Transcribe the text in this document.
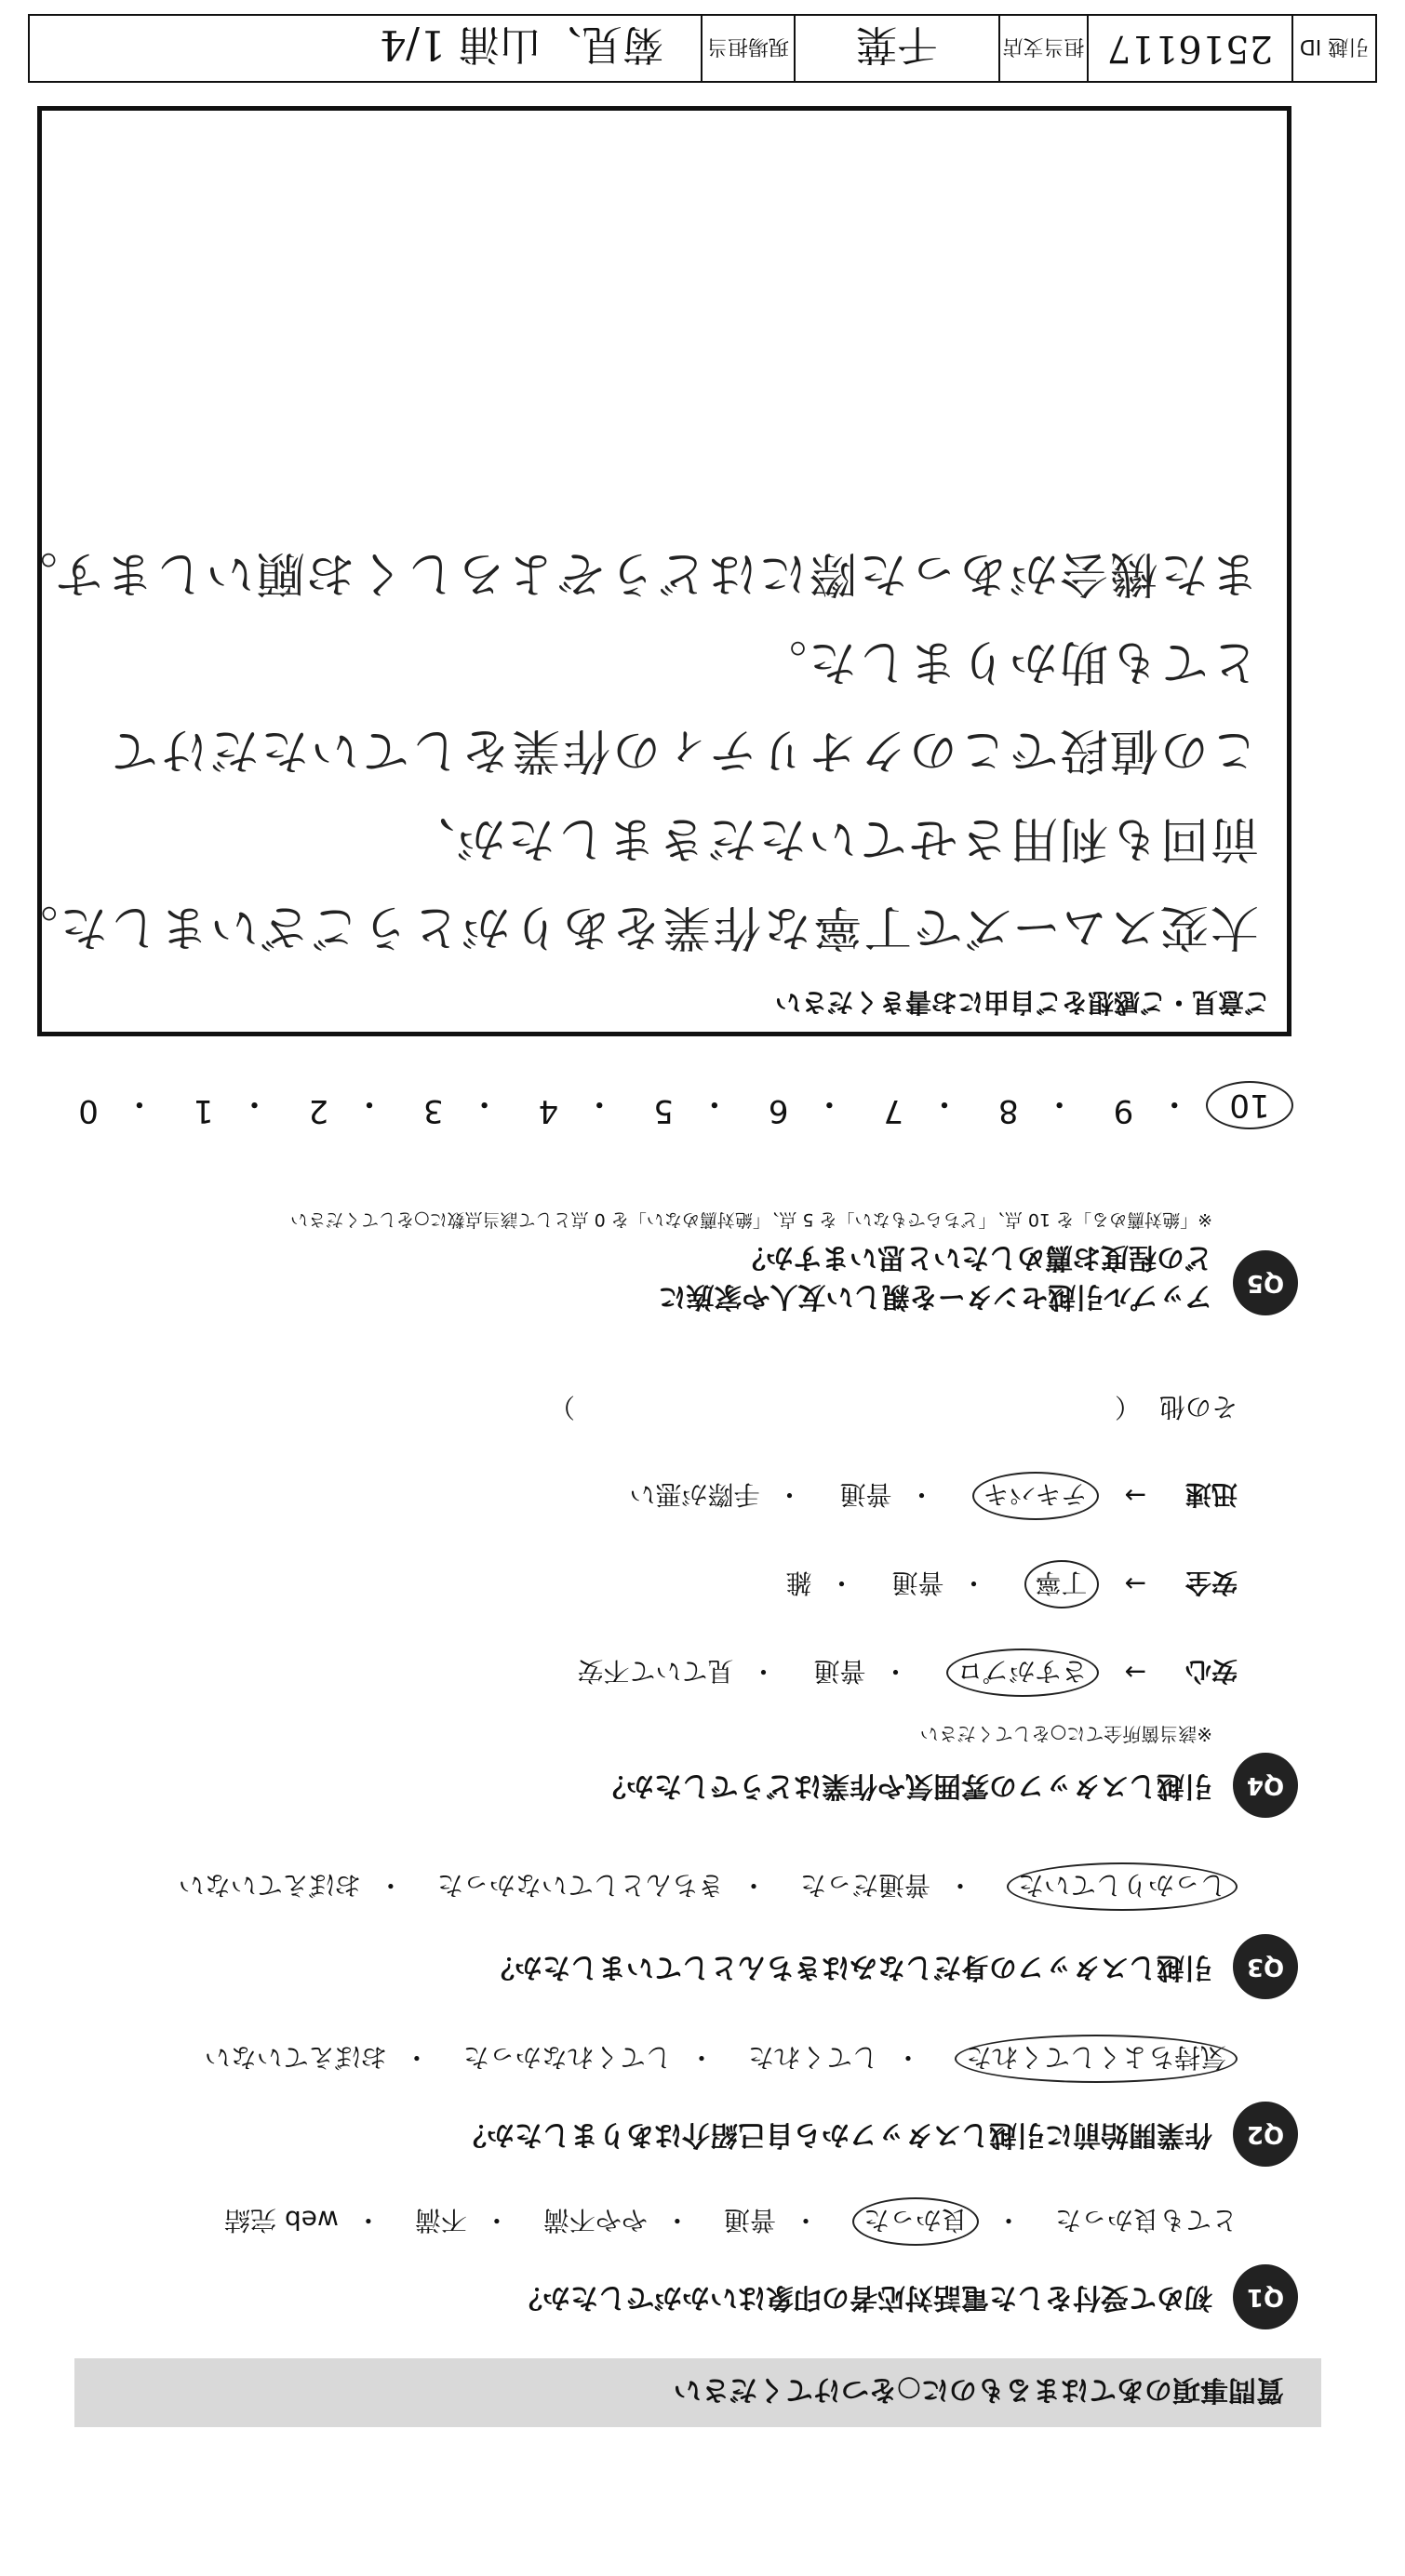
質問事項のあてはまるものに○をつけてください
Q1
初めて受付をした電話対応者の印象はいかがでしたか？
とても良かった
・
良かった
・
普通
・
やや不満
・
不満
・
web 完結
Q2
作業開始前に引越しスタッフから自己紹介はありましたか？
気持ちよくしてくれた
・
してくれた
・
してくれなかった
・
おぼえていない
Q3
引越しスタッフの身だしなみはきちんとしていましたか？
しっかりしていた
・
普通だった
・
きちんとしていなかった
・
おぼえていない
Q4
引越しスタッフの雰囲気や作業はどうでしたか？
※該当箇所全てに○をしてください
安心
→
さすがプロ
・
普通
・
見ていて不安
安全
→
丁寧
・
普通
・
雑
迅速
→
テキパキ
・
普通
・
手際が悪い
その他
（
）
Q5
アップル引越センターを親しい友人や家族に
どの程度お薦めしたいと思いますか？
※「絶対薦める」を 10 点、「どちらでもない」を 5 点、「絶対薦めない」を 0 点として該当点数に○をしてください
10
・
9
・
8
・
7
・
6
・
5
・
4
・
3
・
2
・
1
・
0
ご意見・ご感想をご自由にお書きください
大変スムーズで丁寧な作業をありがとうございました。
前回も利用させていただきましたが、
この値段でこのクオリティの作業をしていただけて
とても助かりました。
また機会があった際にはどうぞよろしくお願いします。
引越 ID
2516117
担当支店
千葉
現場担当
菊見、山浦 1/4
